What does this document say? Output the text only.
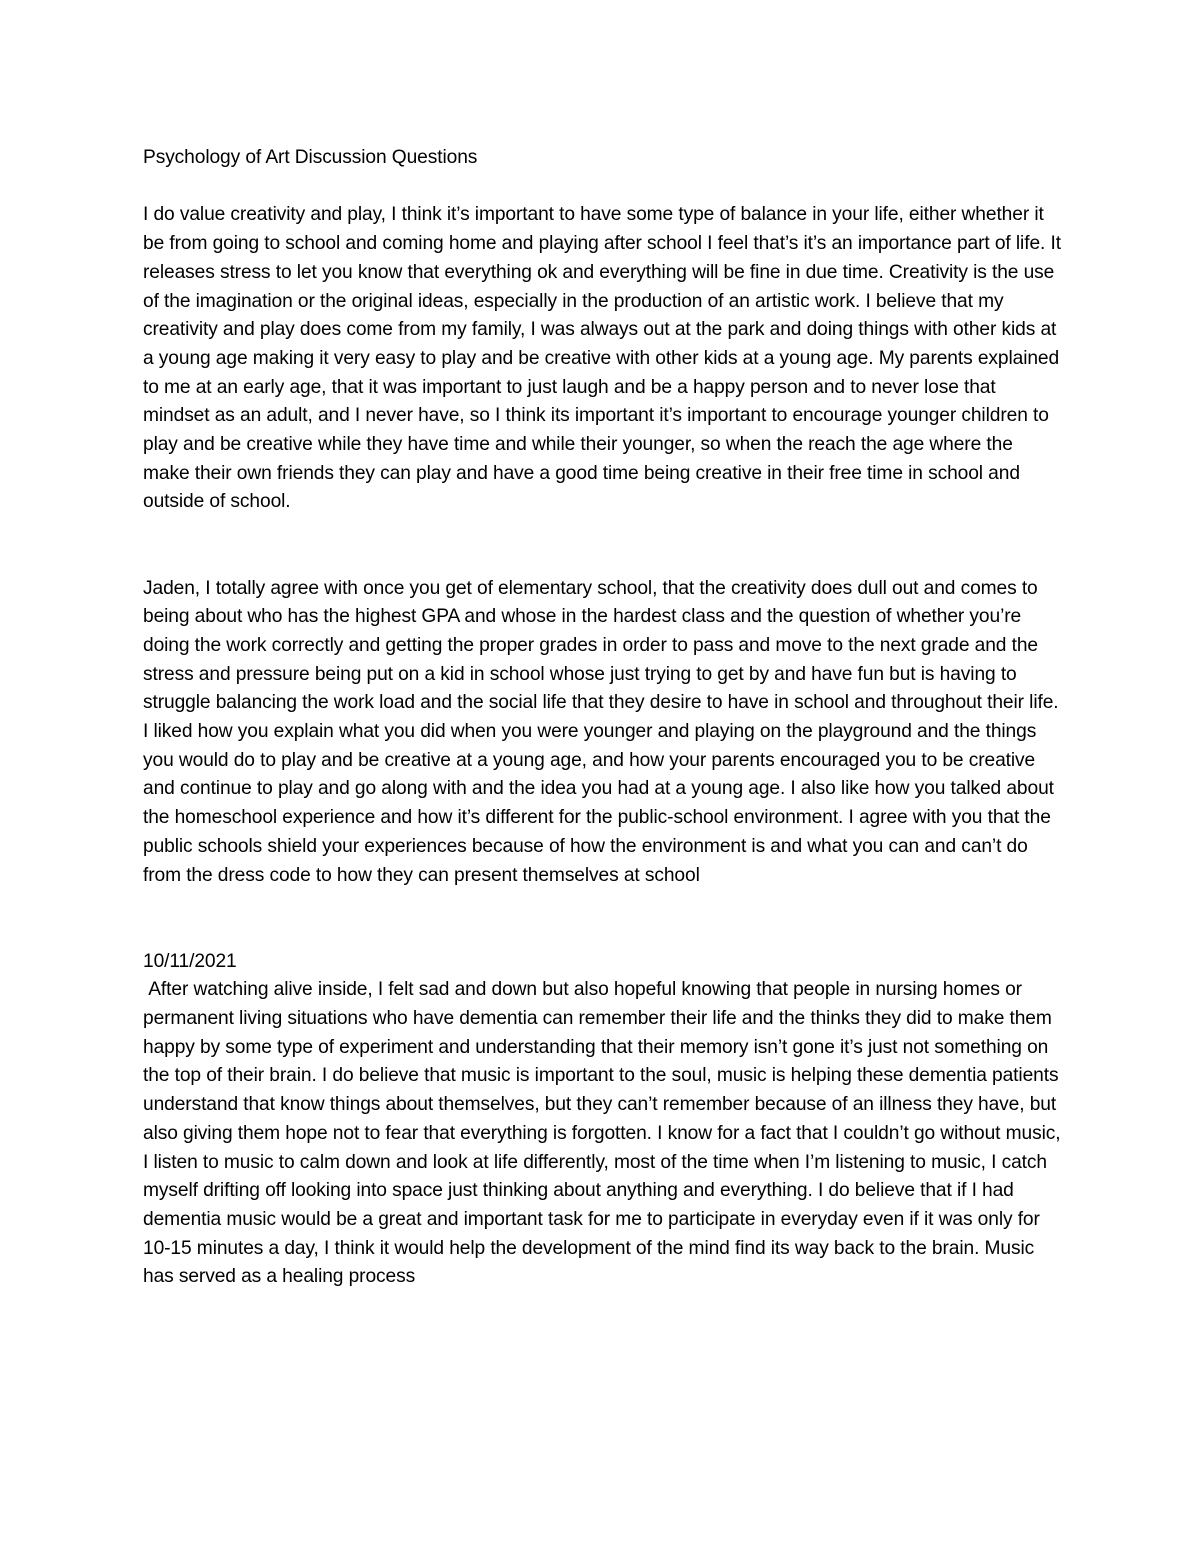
Psychology of Art Discussion Questions

I do value creativity and play, I think it’s important to have some type of balance in your life, either whether it be from going to school and coming home and playing after school I feel that’s it’s an importance part of life. It releases stress to let you know that everything ok and everything will be fine in due time. Creativity is the use of the imagination or the original ideas, especially in the production of an artistic work. I believe that my creativity and play does come from my family, I was always out at the park and doing things with other kids at a young age making it very easy to play and be creative with other kids at a young age. My parents explained to me at an early age, that it was important to just laugh and be a happy person and to never lose that mindset as an adult, and I never have, so I think its important it’s important to encourage younger children to play and be creative while they have time and while their younger, so when the reach the age where the make their own friends they can play and have a good time being creative in their free time in school and outside of school.

Jaden, I totally agree with once you get of elementary school, that the creativity does dull out and comes to being about who has the highest GPA and whose in the hardest class and the question of whether you’re doing the work correctly and getting the proper grades in order to pass and move to the next grade and the stress and pressure being put on a kid in school whose just trying to get by and have fun but is having to struggle balancing the work load and the social life that they desire to have in school and throughout their life. I liked how you explain what you did when you were younger and playing on the playground and the things you would do to play and be creative at a young age, and how your parents encouraged you to be creative and continue to play and go along with and the idea you had at a young age. I also like how you talked about the homeschool experience and how it’s different for the public-school environment. I agree with you that the public schools shield your experiences because of how the environment is and what you can and can’t do from the dress code to how they can present themselves at school

10/11/2021

After watching alive inside, I felt sad and down but also hopeful knowing that people in nursing homes or permanent living situations who have dementia can remember their life and the thinks they did to make them happy by some type of experiment and understanding that their memory isn’t gone it’s just not something on the top of their brain. I do believe that music is important to the soul, music is helping these dementia patients understand that know things about themselves, but they can’t remember because of an illness they have, but also giving them hope not to fear that everything is forgotten. I know for a fact that I couldn’t go without music, I listen to music to calm down and look at life differently, most of the time when I’m listening to music, I catch myself drifting off looking into space just thinking about anything and everything. I do believe that if I had dementia music would be a great and important task for me to participate in everyday even if it was only for 10-15 minutes a day, I think it would help the development of the mind find its way back to the brain. Music has served as a healing process
